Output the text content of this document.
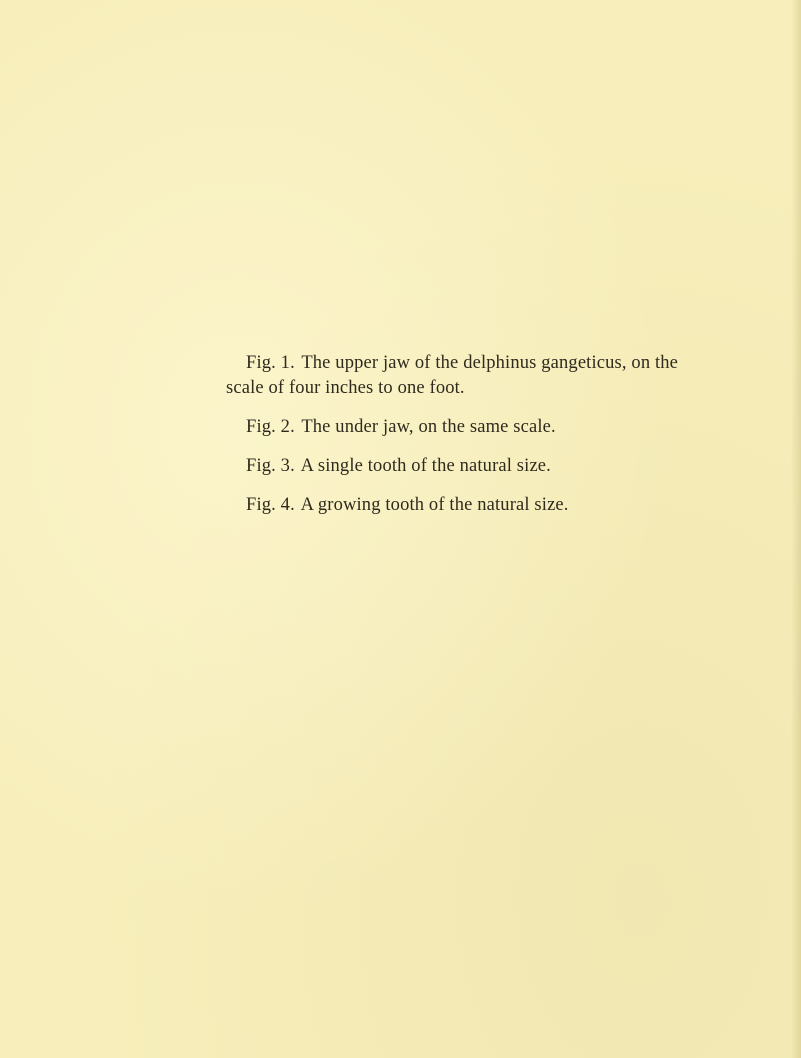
Fig. 1. The upper jaw of the delphinus gangeticus, on the scale of four inches to one foot.

Fig. 2. The under jaw, on the same scale.

Fig. 3. A single tooth of the natural size.

Fig. 4. A growing tooth of the natural size.
